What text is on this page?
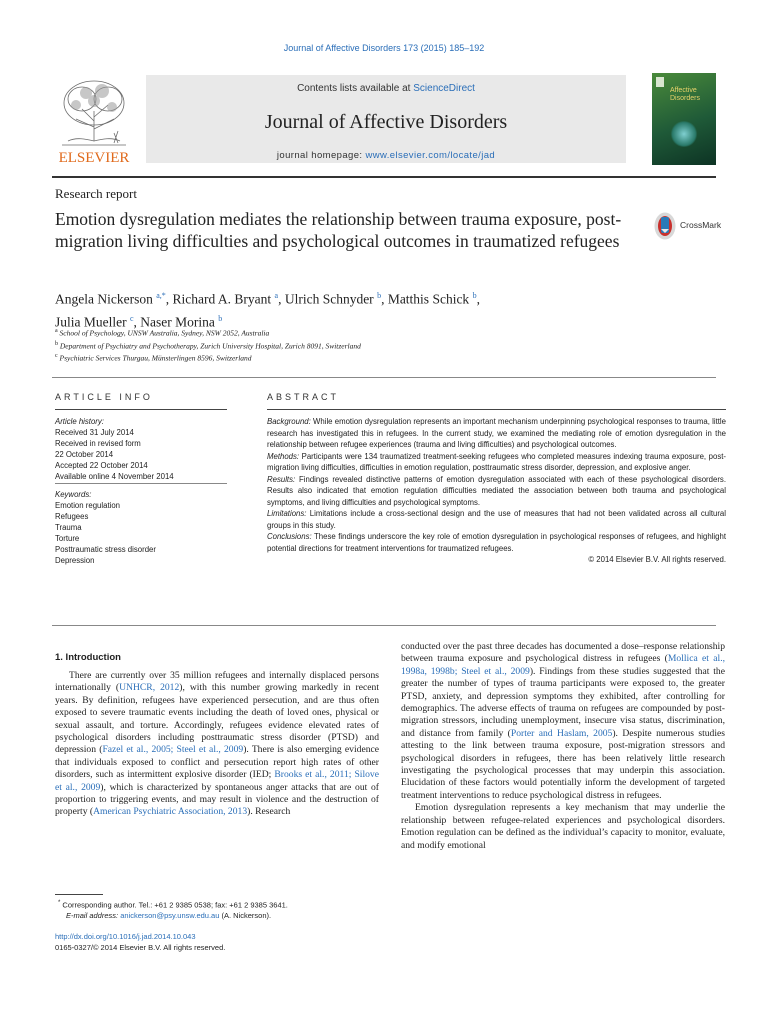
Journal of Affective Disorders 173 (2015) 185–192
ELSEVIER
Contents lists available at ScienceDirect
Journal of Affective Disorders
journal homepage: www.elsevier.com/locate/jad
Affective
Disorders
Research report
Emotion dysregulation mediates the relationship between trauma exposure, post-migration living difficulties and psychological outcomes in traumatized refugees
CrossMark
Angela Nickerson $^{a,*}$, Richard A. Bryant $^a$, Ulrich Schnyder $^b$, Matthis Schick $^b$,
Julia Mueller $^c$, Naser Morina $^b$
$^a$ School of Psychology, UNSW Australia, Sydney, NSW 2052, Australia
$^b$ Department of Psychiatry and Psychotherapy, Zurich University Hospital, Zurich 8091, Switzerland
$^c$ Psychiatric Services Thurgau, Münsterlingen 8596, Switzerland
ARTICLE INFO	ABSTRACT
Article history:
Received 31 July 2014
Received in revised form
22 October 2014
Accepted 22 October 2014
Available online 4 November 2014
Keywords:
Emotion regulation
Refugees
Trauma
Torture
Posttraumatic stress disorder
Depression

Background: While emotion dysregulation represents an important mechanism underpinning psychological responses to trauma, little research has investigated this in refugees. In the current study, we examined the mediating role of emotion dysregulation in the relationship between refugee experiences (trauma and living difficulties) and psychological outcomes.

Methods: Participants were 134 traumatized treatment-seeking refugees who completed measures indexing trauma exposure, post-migration living difficulties, difficulties in emotion regulation, posttraumatic stress disorder, depression, and explosive anger.

Results: Findings revealed distinctive patterns of emotion dysregulation associated with each of these psychological disorders. Results also indicated that emotion regulation difficulties mediated the association between both trauma and psychological symptoms, and living difficulties and psychological symptoms.

Limitations: Limitations include a cross-sectional design and the use of measures that had not been validated across all cultural groups in this study.

Conclusions: These findings underscore the key role of emotion dysregulation in psychological responses of refugees, and highlight potential directions for treatment interventions for traumatized refugees.

© 2014 Elsevier B.V. All rights reserved.
1. Introduction

There are currently over 35 million refugees and internally displaced persons internationally (UNHCR, 2012), with this number growing markedly in recent years. By definition, refugees have experienced persecution, and are thus often exposed to severe traumatic events including the death of loved ones, physical or sexual assault, and torture. Accordingly, refugees evidence elevated rates of psychological disorders including posttraumatic stress disorder (PTSD) and depression (Fazel et al., 2005; Steel et al., 2009). There is also emerging evidence that individuals exposed to conflict and persecution report high rates of other disorders, such as intermittent explosive disorder (IED; Brooks et al., 2011; Silove et al., 2009), which is characterized by spontaneous anger attacks that are out of proportion to triggering events, and may result in violence and the destruction of property (American Psychiatric Association, 2013). Research

conducted over the past three decades has documented a dose–response relationship between trauma exposure and psychological distress in refugees (Mollica et al., 1998a, 1998b; Steel et al., 2009). Findings from these studies suggested that the greater the number of types of trauma participants were exposed to, the greater PTSD, anxiety, and depression symptoms they exhibited, after controlling for demographics. The adverse effects of trauma on refugees are compounded by post-migration stressors, including unemployment, insecure visa status, discrimination, and distance from family (Porter and Haslam, 2005). Despite numerous studies attesting to the link between trauma exposure, post-migration stressors and psychological disorders in refugees, there has been relatively little research investigating the psychological processes that may underpin this association. Elucidation of these factors would potentially inform the development of targeted treatment interventions to reduce psychological distress in refugees.

Emotion dysregulation represents a key mechanism that may underlie the relationship between refugee-related experiences and psychological disorders. Emotion regulation can be defined as the individual’s capacity to monitor, evaluate, and modify emotional

* Corresponding author. Tel.: +61 2 9385 0538; fax: +61 2 9385 3641.
E-mail address: anickerson@psy.unsw.edu.au (A. Nickerson).
http://dx.doi.org/10.1016/j.jad.2014.10.043
0165-0327/© 2014 Elsevier B.V. All rights reserved.
